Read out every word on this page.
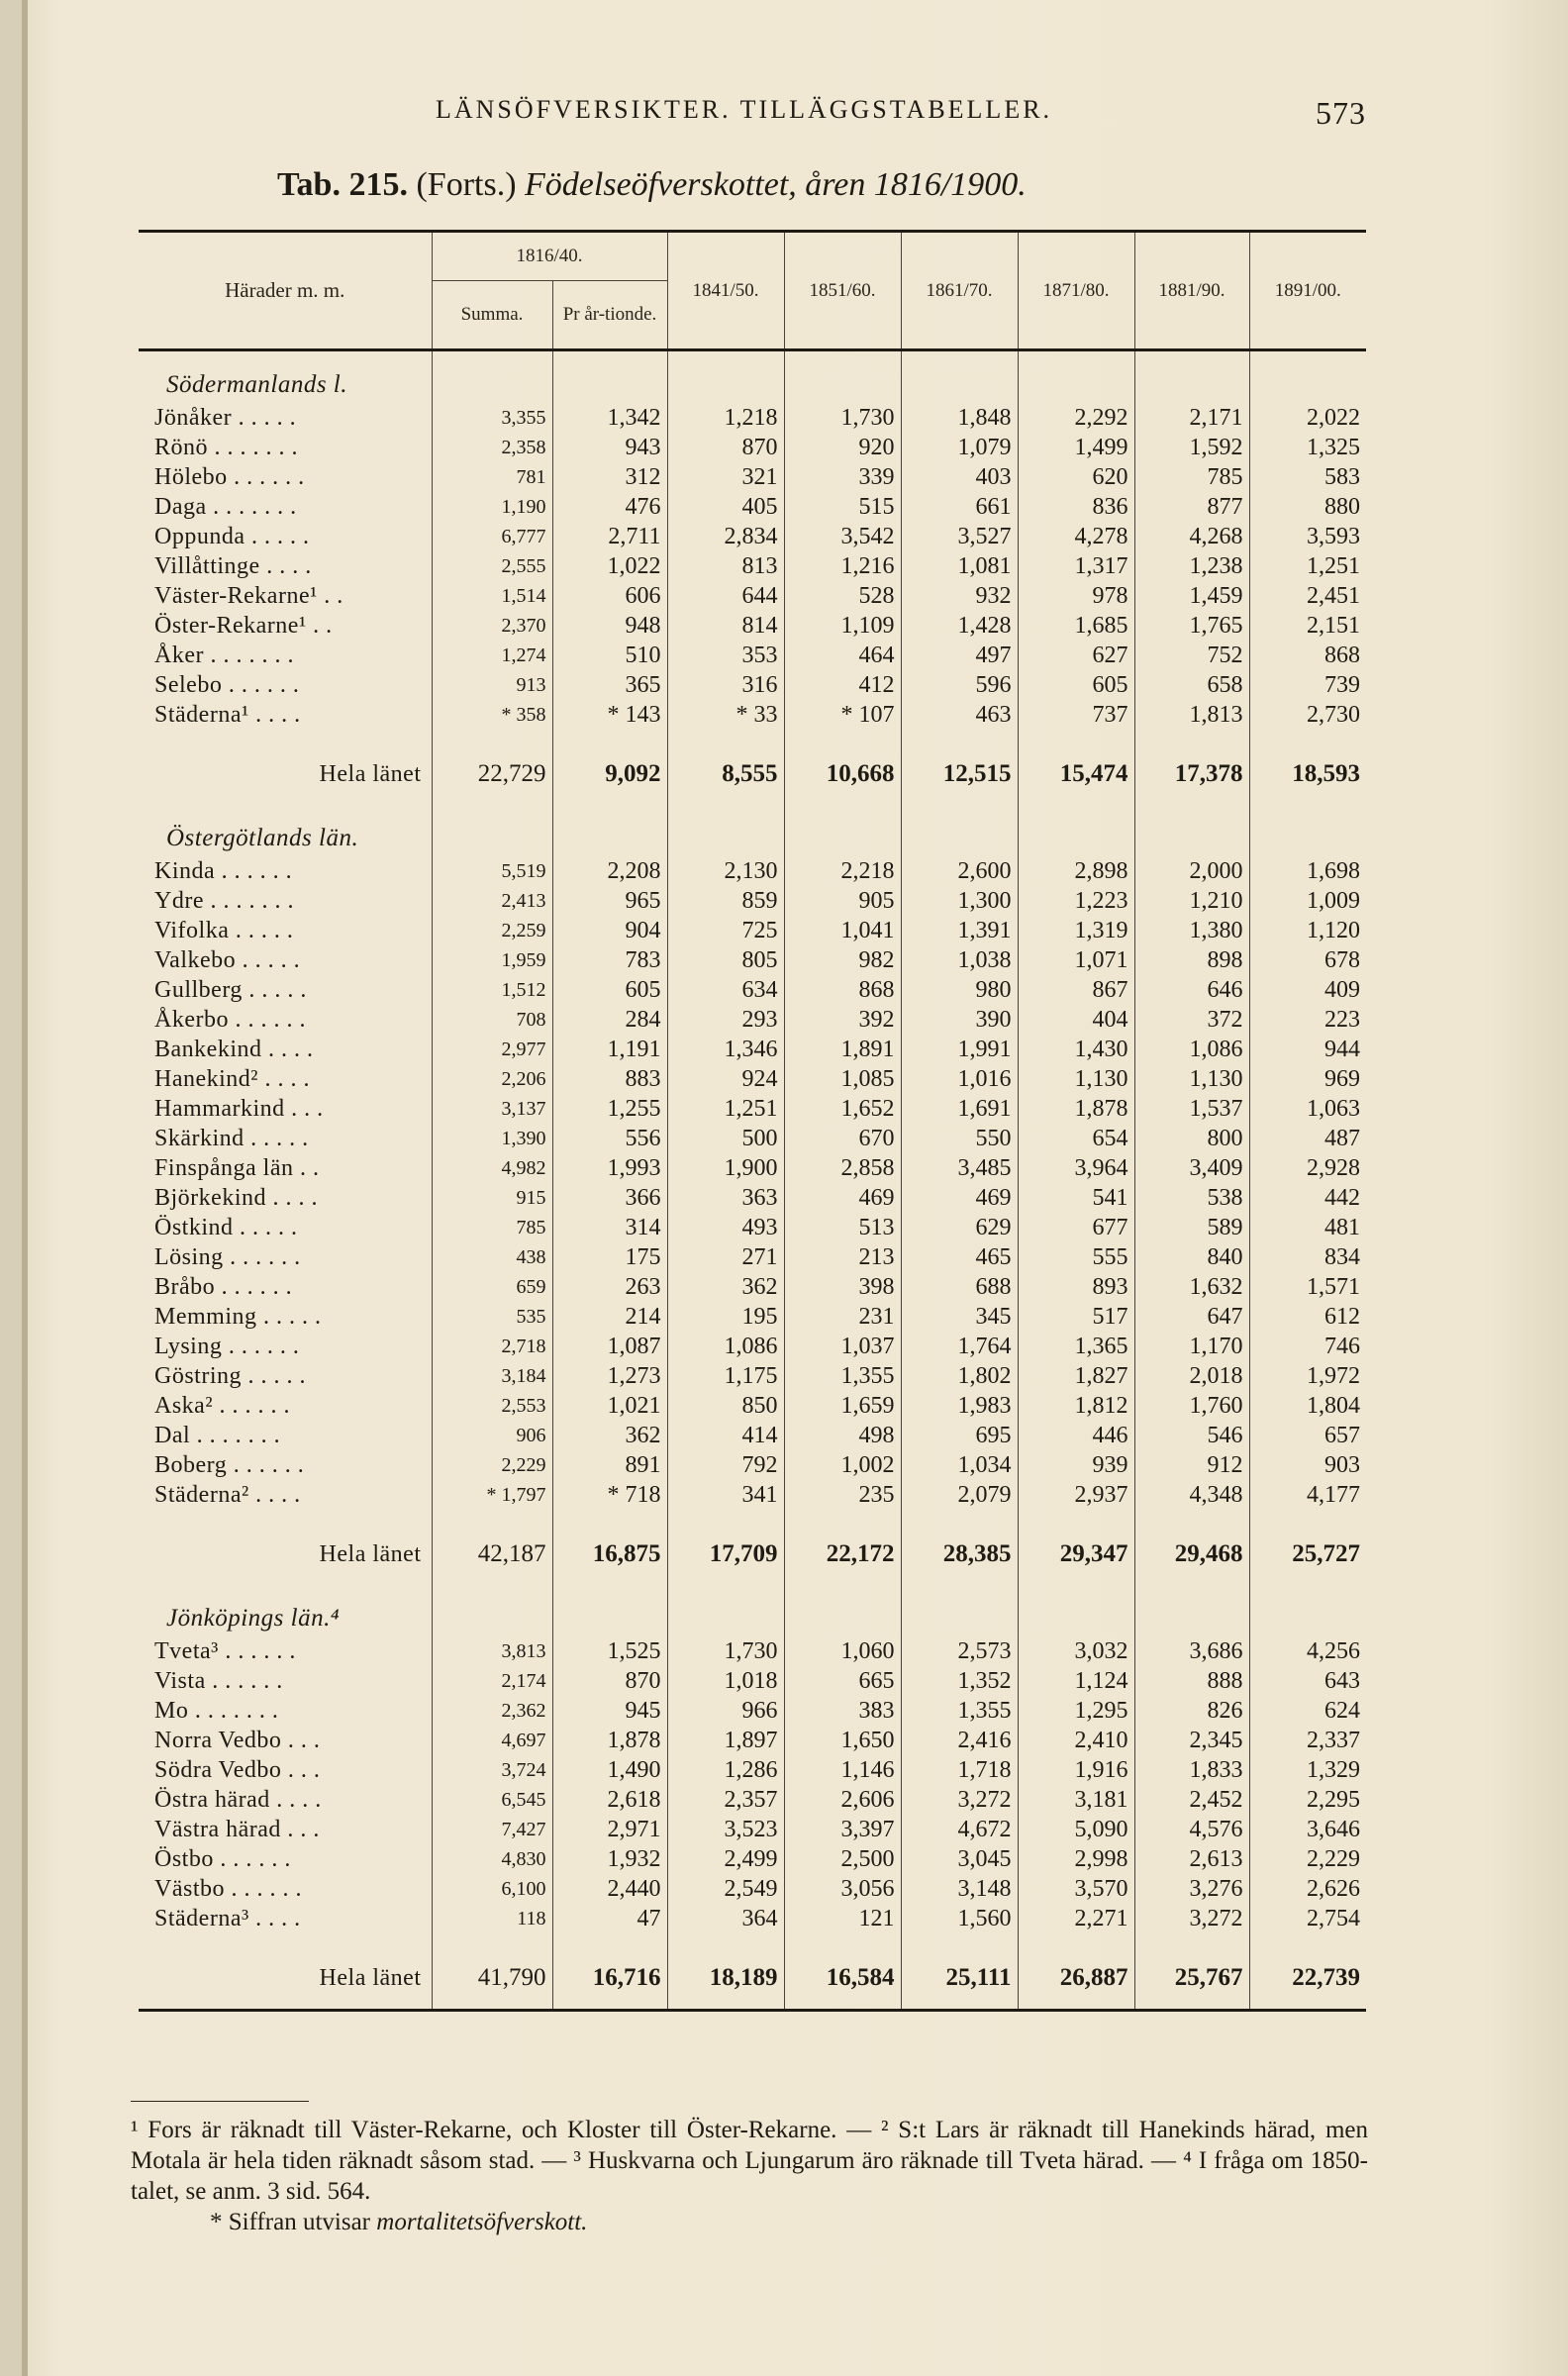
LÄNSÖFVERSIKTER. TILLÄGGSTABELLER.	573
Tab. 215. (Forts.) Födelseöfverskottet, åren 1816/1900.
Härader m. m.	1816/40.		1841/50.	1851/60.	1861/70.	1871/80.	1881/90.	1891/00.
	Summa.	Pr år-tionde.						
Södermanlands l.								
Jönåker . . . . .	3,355	1,342	1,218	1,730	1,848	2,292	2,171	2,022
Rönö . . . . . . .	2,358	943	870	920	1,079	1,499	1,592	1,325
Hölebo . . . . . .	781	312	321	339	403	620	785	583
Daga . . . . . . .	1,190	476	405	515	661	836	877	880
Oppunda . . . . .	6,777	2,711	2,834	3,542	3,527	4,278	4,268	3,593
Villåttinge . . . .	2,555	1,022	813	1,216	1,081	1,317	1,238	1,251
Väster-Rekarne¹ . .	1,514	606	644	528	932	978	1,459	2,451
Öster-Rekarne¹ . .	2,370	948	814	1,109	1,428	1,685	1,765	2,151
Åker . . . . . . .	1,274	510	353	464	497	627	752	868
Selebo . . . . . .	913	365	316	412	596	605	658	739
Städerna¹ . . . .	* 358	* 143	* 33	* 107	463	737	1,813	2,730

Hela länet	22,729	9,092	8,555	10,668	12,515	15,474	17,378	18,593
Östergötlands län.								
Kinda . . . . . .	5,519	2,208	2,130	2,218	2,600	2,898	2,000	1,698
Ydre . . . . . . .	2,413	965	859	905	1,300	1,223	1,210	1,009
Vifolka . . . . .	2,259	904	725	1,041	1,391	1,319	1,380	1,120
Valkebo . . . . .	1,959	783	805	982	1,038	1,071	898	678
Gullberg . . . . .	1,512	605	634	868	980	867	646	409
Åkerbo . . . . . .	708	284	293	392	390	404	372	223
Bankekind . . . .	2,977	1,191	1,346	1,891	1,991	1,430	1,086	944
Hanekind² . . . .	2,206	883	924	1,085	1,016	1,130	1,130	969
Hammarkind . . .	3,137	1,255	1,251	1,652	1,691	1,878	1,537	1,063
Skärkind . . . . .	1,390	556	500	670	550	654	800	487
Finspånga län . .	4,982	1,993	1,900	2,858	3,485	3,964	3,409	2,928
Björkekind . . . .	915	366	363	469	469	541	538	442
Östkind . . . . .	785	314	493	513	629	677	589	481
Lösing . . . . . .	438	175	271	213	465	555	840	834
Bråbo . . . . . .	659	263	362	398	688	893	1,632	1,571
Memming . . . . .	535	214	195	231	345	517	647	612
Lysing . . . . . .	2,718	1,087	1,086	1,037	1,764	1,365	1,170	746
Göstring . . . . .	3,184	1,273	1,175	1,355	1,802	1,827	2,018	1,972
Aska² . . . . . .	2,553	1,021	850	1,659	1,983	1,812	1,760	1,804
Dal . . . . . . .	906	362	414	498	695	446	546	657
Boberg . . . . . .	2,229	891	792	1,002	1,034	939	912	903
Städerna² . . . .	* 1,797	* 718	341	235	2,079	2,937	4,348	4,177

Hela länet	42,187	16,875	17,709	22,172	28,385	29,347	29,468	25,727
Jönköpings län.⁴								
Tveta³ . . . . . .	3,813	1,525	1,730	1,060	2,573	3,032	3,686	4,256
Vista . . . . . .	2,174	870	1,018	665	1,352	1,124	888	643
Mo . . . . . . .	2,362	945	966	383	1,355	1,295	826	624
Norra Vedbo . . .	4,697	1,878	1,897	1,650	2,416	2,410	2,345	2,337
Södra Vedbo . . .	3,724	1,490	1,286	1,146	1,718	1,916	1,833	1,329
Östra härad . . . .	6,545	2,618	2,357	2,606	3,272	3,181	2,452	2,295
Västra härad . . .	7,427	2,971	3,523	3,397	4,672	5,090	4,576	3,646
Östbo . . . . . .	4,830	1,932	2,499	2,500	3,045	2,998	2,613	2,229
Västbo . . . . . .	6,100	2,440	2,549	3,056	3,148	3,570	3,276	2,626
Städerna³ . . . .	118	47	364	121	1,560	2,271	3,272	2,754

Hela länet	41,790	16,716	18,189	16,584	25,111	26,887	25,767	22,739

¹ Fors är räknadt till Väster-Rekarne, och Kloster till Öster-Rekarne. — ² S:t Lars är räknadt till Hanekinds härad, men Motala är hela tiden räknadt såsom stad. — ³ Huskvarna och Ljungarum äro räknade till Tveta härad. — ⁴ I fråga om 1850-talet, se anm. 3 sid. 564.

* Siffran utvisar mortalitetsöfverskott.
